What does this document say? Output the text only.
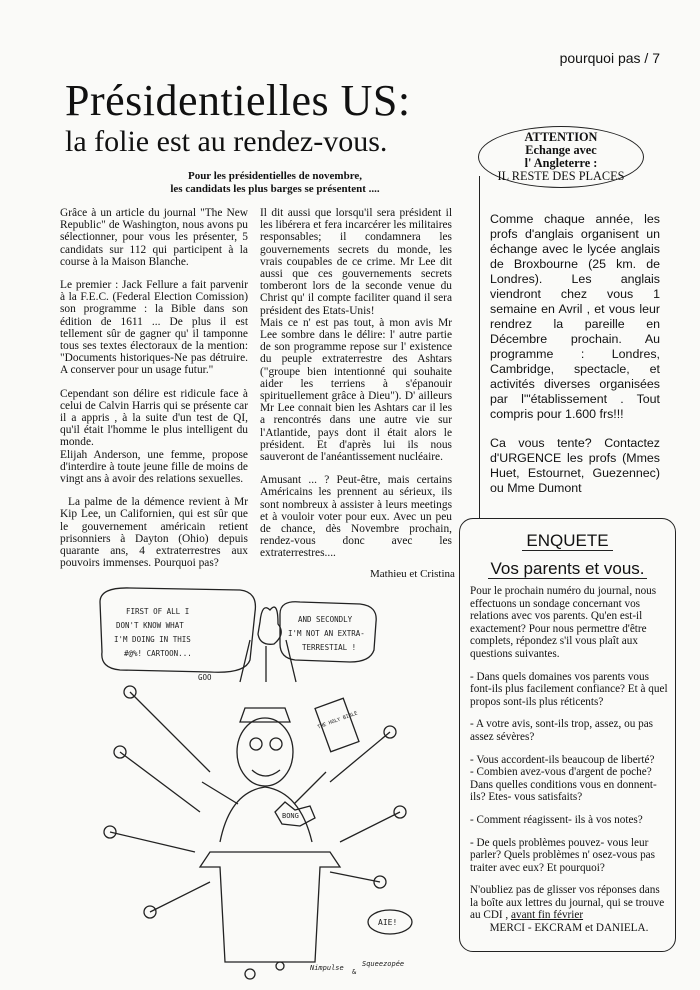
pourquoi pas / 7
Présidentielles US:
la folie est au rendez-vous.
Pour les présidentielles de novembre,
les candidats les plus barges se présentent ....

Grâce à un article du journal "The New Republic" de Washington, nous avons pu sélectionner, pour vous les présenter, 5 candidats sur 112 qui participent à la course à la Maison Blanche.

Le premier : Jack Fellure a fait parvenir à la F.E.C. (Federal Election Comission) son programme : la Bible dans son édition de 1611 ... De plus il est tellement sûr de gagner qu' il tamponne tous ses textes électoraux de la mention: "Documents historiques-Ne pas détruire. A conserver pour un usage futur."

Cependant son délire est ridicule face à celui de Calvin Harris qui se présente car il a appris , à la suite d'un test de QI, qu'il était l'homme le plus intelligent du monde.

Elijah Anderson, une femme, propose d'interdire à toute jeune fille de moins de vingt ans à avoir des relations sexuelles.

La palme de la démence revient à Mr Kip Lee, un Californien, qui est sûr que le gouvernement américain retient prisonniers à Dayton (Ohio) depuis quarante ans, 4 extraterrestres aux pouvoirs immenses. Pourquoi pas?

Il dit aussi que lorsqu'il sera président il les libérera et fera incarcérer les militaires responsables; il condamnera les gouvernements secrets du monde, les vrais coupables de ce crime. Mr Lee dit aussi que ces gouvernements secrets tomberont lors de la seconde venue du Christ qu' il compte faciliter quand il sera président des Etats-Unis!

Mais ce n' est pas tout, à mon avis Mr Lee sombre dans le délire: l' autre partie de son programme repose sur l' existence du peuple extraterrestre des Ashtars ("groupe bien intentionné qui souhaite aider les terriens à s'épanouir spirituellement grâce à Dieu"). D' ailleurs Mr Lee connait bien les Ashtars car il les a rencontrés dans une autre vie sur l'Atlantide, pays dont il était alors le président. Et d'après lui ils nous sauveront de l'anéantissement nucléaire.

Amusant ... ? Peut-être, mais certains Américains les prennent au sérieux, ils sont nombreux à assister à leurs meetings et à vouloir voter pour eux. Avec un peu de chance, dès Novembre prochain, rendez-vous donc avec les extraterrestres....

Mathieu et Cristina

Comme chaque année, les profs d'anglais organisent un échange avec le lycée anglais de Broxbourne (25 km. de Londres). Les anglais viendront chez vous 1 semaine en Avril , et vous leur rendrez la pareille en Décembre prochain. Au programme : Londres, Cambridge, spectacle, et activités diverses organisées par l'"établissement . Tout compris pour 1.600 frs!!!

Ca vous tente? Contactez d'URGENCE les profs (Mmes Huet, Estournet, Guezennec) ou Mme Dumont

ATTENTION
Echange avec
l' Angleterre :
IL RESTE DES PLACES
ENQUETE
Vos parents et vous.

Pour le prochain numéro du journal, nous effectuons un sondage concernant vos relations avec vos parents. Qu'en est-il exactement? Pour nous permettre d'être complets, répondez s'il vous plaît aux questions suivantes.

- Dans quels domaines vos parents vous font-ils plus facilement confiance? Et à quel propos sont-ils plus réticents?
- A votre avis, sont-ils trop, assez, ou pas assez sévères?
- Vous accordent-ils beaucoup de liberté?
- Combien avez-vous d'argent de poche? Dans quelles conditions vous en donnent-ils? Etes- vous satisfaits?
- Comment réagissent- ils à vos notes?
- De quels problèmes pouvez- vous leur parler? Quels problèmes n' osez-vous pas traiter avec eux? Et pourquoi?

N'oubliez pas de glisser vos réponses dans la boîte aux lettres du journal, qui se trouve au CDI , avant fin février

MERCI - EKCRAM et DANIELA.
FIRST OF ALL I
DON'T KNOW WHAT
I'M DOING IN THIS
#@%! CARTOON...
AND SECONDLY
I'M NOT AN EXTRA-
TERRESTIAL !
GOO
THE HOLY BIBLE
BONG
AIE!
Nimpulse &
Squeezopée
